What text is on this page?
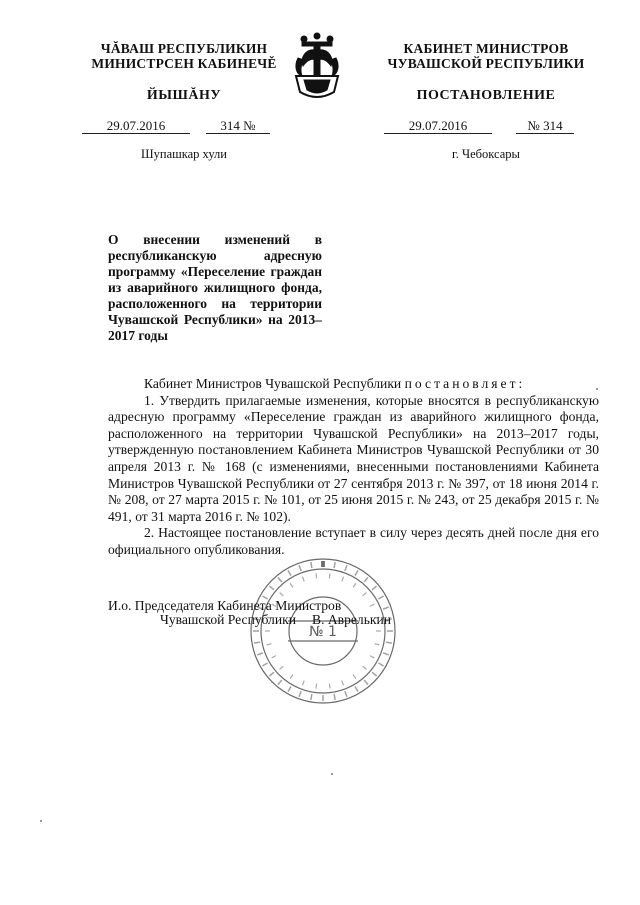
ЧĂВАШ РЕСПУБЛИКИН
МИНИСТРСЕН КАБИНЕЧĚ
ЙЫШĂНУ
КАБИНЕТ МИНИСТРОВ
ЧУВАШСКОЙ РЕСПУБЛИКИ
ПОСТАНОВЛЕНИЕ
29.07.2016	314 №
Шупашкар хули
29.07.2016	№ 314
г. Чебоксары
О внесении изменений в республиканскую адресную программу «Переселение граждан из аварийного жилищного фонда, расположенного на территории Чувашской Республики» на 2013–2017 годы

Кабинет Министров Чувашской Республики постановляет:

1. Утвердить прилагаемые изменения, которые вносятся в республиканскую адресную программу «Переселение граждан из аварийного жилищного фонда, расположенного на территории Чувашской Республики» на 2013–2017 годы, утвержденную постановлением Кабинета Министров Чувашской Республики от 30 апреля 2013 г. № 168 (с изменениями, внесенными постановлениями Кабинета Министров Чувашской Республики от 27 сентября 2013 г. № 397, от 18 июня 2014 г. № 208, от 27 марта 2015 г. № 101, от 25 июня 2015 г. № 243, от 25 декабря 2015 г. № 491, от 31 марта 2016 г. № 102).

2. Настоящее постановление вступает в силу через десять дней после дня его официального опубликования.

№ 1
И.о. Председателя Кабинета Министров
Чувашской Республики В. Аврелькин
